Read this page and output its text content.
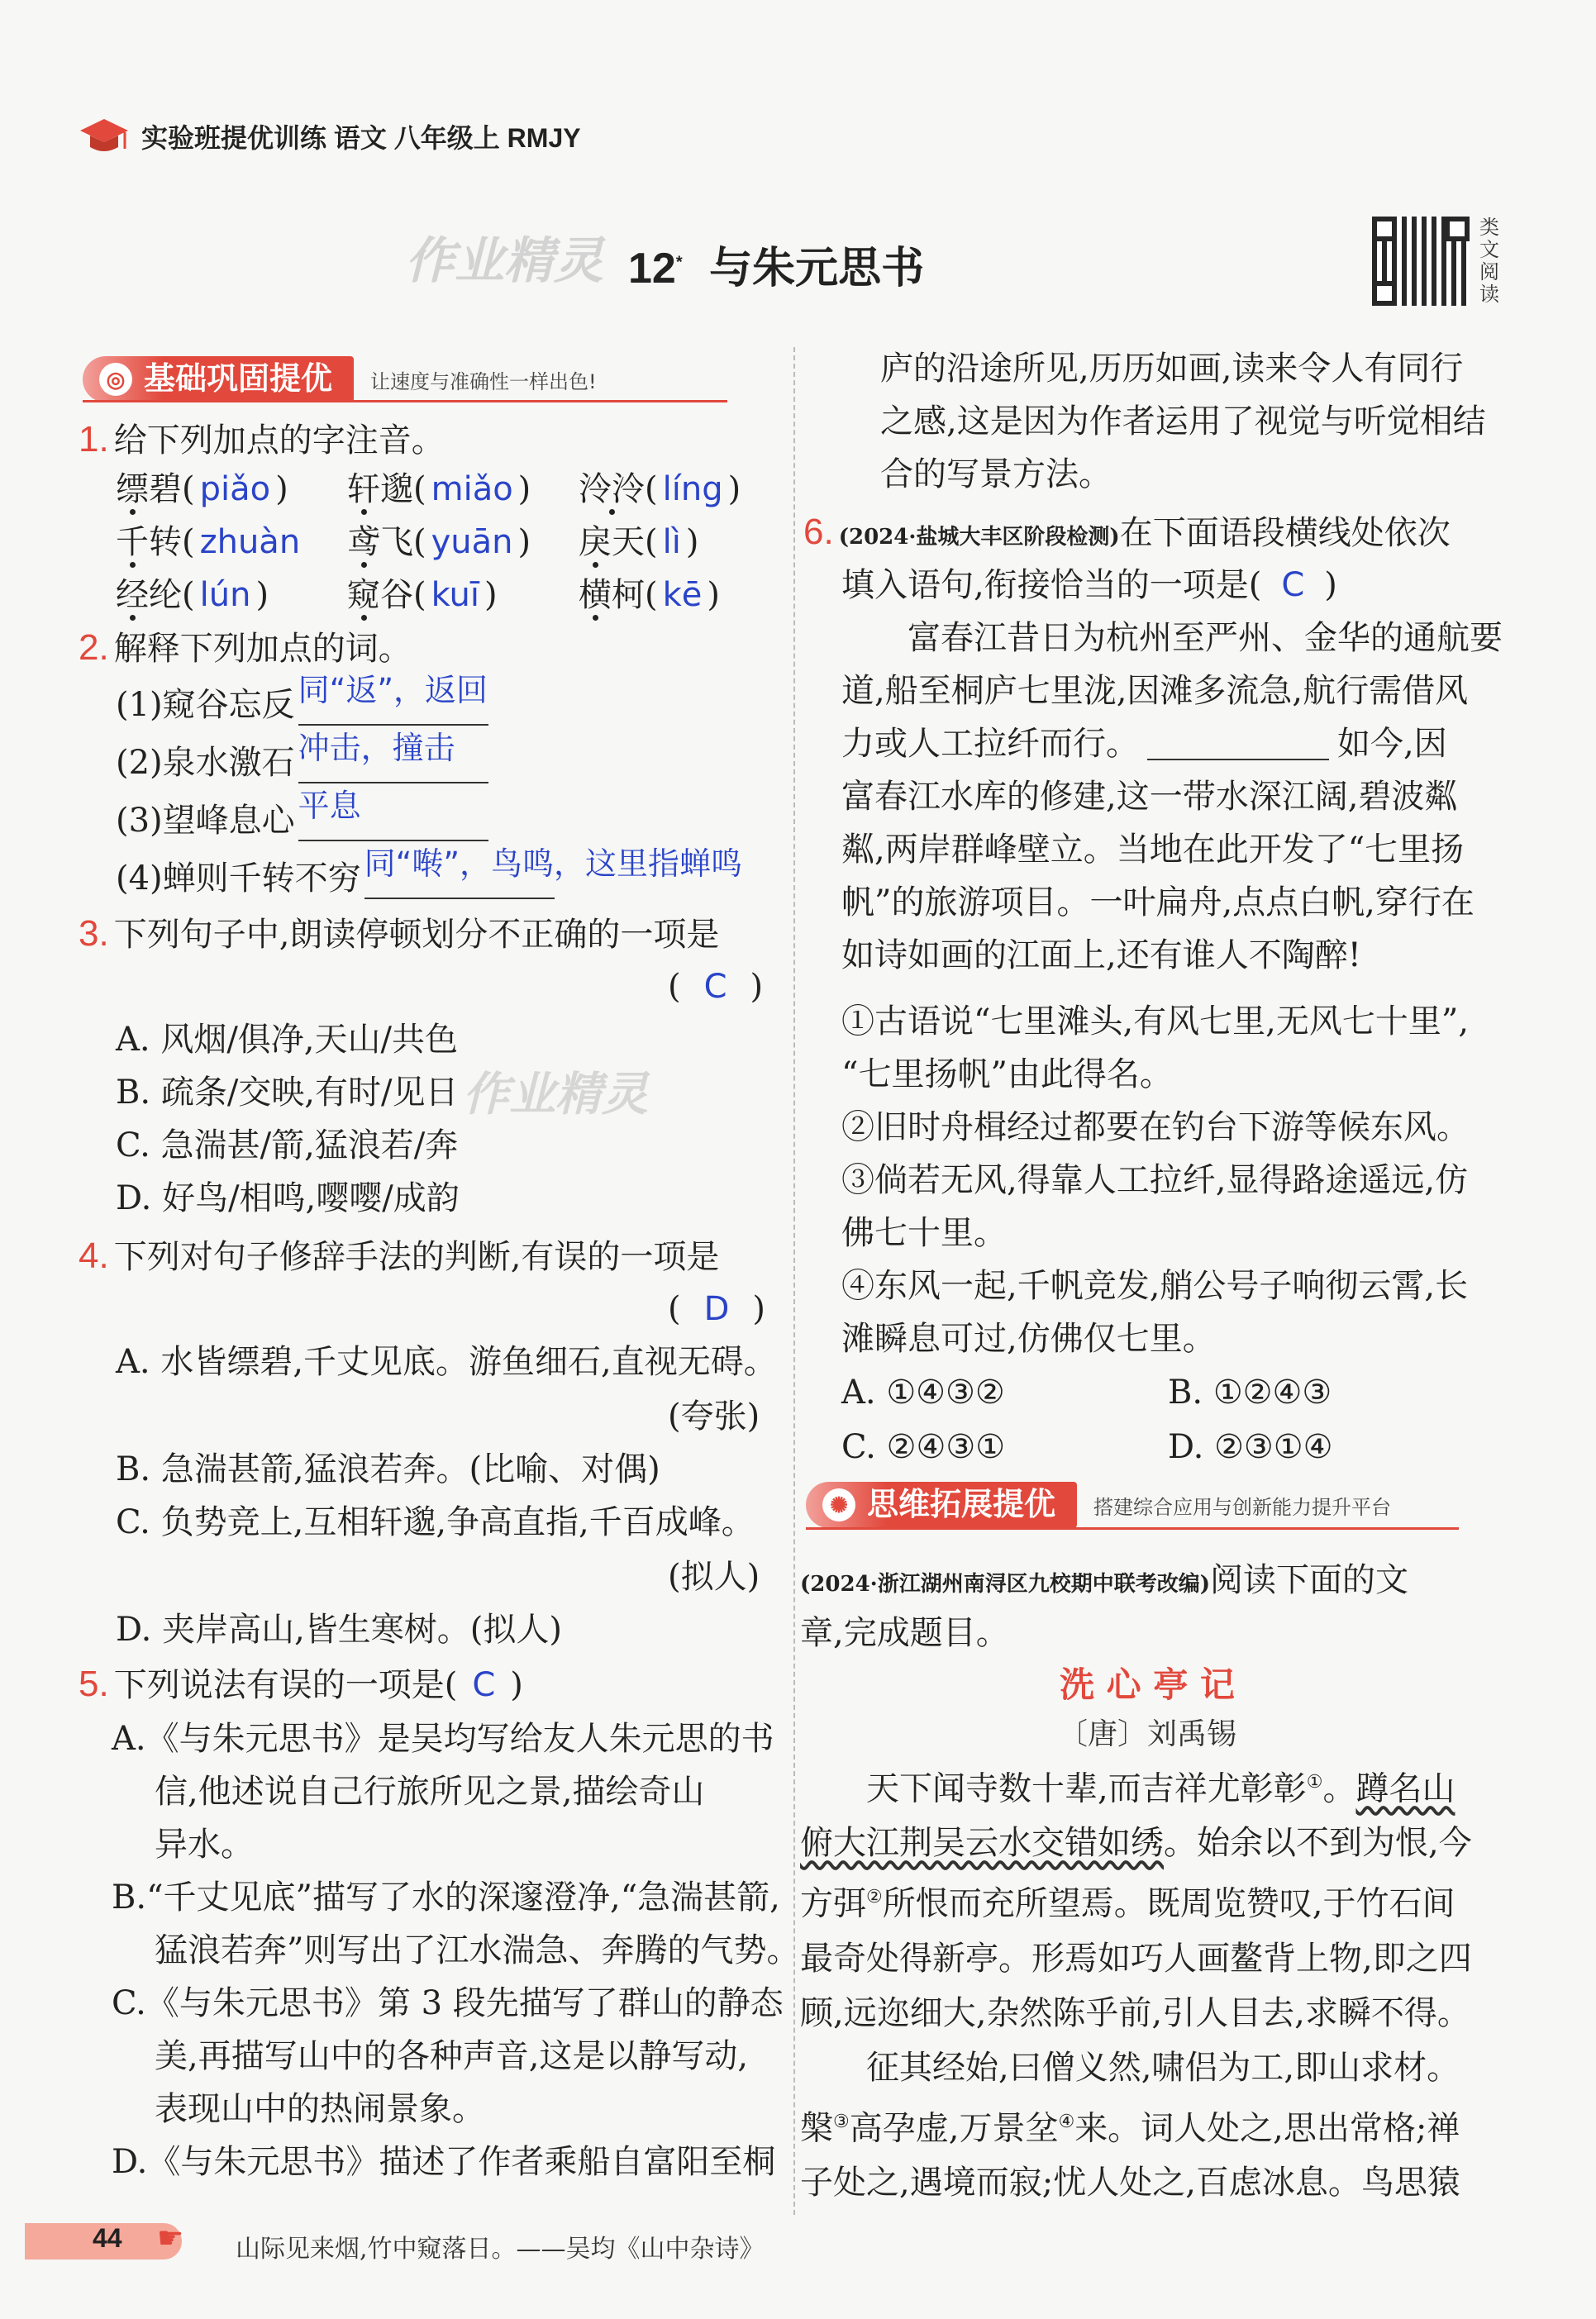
实验班提优训练 语文 八年级上 RMJY
作业精灵 12* 与朱元思书
类文阅读
◎ 基础巩固提优 让速度与准确性一样出色!
1. 给下列加点的字注音。
缥碧( piǎo )	轩邈( miǎo )	泠泠( líng )
千转( zhuàn	鸢飞( yuān )	戾天( lì )
经纶( lún )	窥谷( kuī )	横柯( kē )
2. 解释下列加点的词。
(1)窥谷忘反 同“返”，返回
(2)泉水激石 冲击，撞击
(3)望峰息心 平息
(4)蝉则千转不穷 同“啭”，鸟鸣，这里指蝉鸣
3. 下列句子中,朗读停顿划分不正确的一项是
( C )
A. 风烟/俱净,天山/共色
B. 疏条/交映,有时/见日
C. 急湍甚/箭,猛浪若/奔
D. 好鸟/相鸣,嘤嘤/成韵
作业精灵
4. 下列对句子修辞手法的判断,有误的一项是
( D )
A. 水皆缥碧,千丈见底。游鱼细石,直视无碍。
(夸张)
B. 急湍甚箭,猛浪若奔。(比喻、对偶)
C. 负势竞上,互相轩邈,争高直指,千百成峰。
(拟人)
D. 夹岸高山,皆生寒树。(拟人)
5. 下列说法有误的一项是( C )
A.《与朱元思书》是吴均写给友人朱元思的书
信,他述说自己行旅所见之景,描绘奇山
异水。
B.“千丈见底”描写了水的深邃澄净,“急湍甚箭,
猛浪若奔”则写出了江水湍急、奔腾的气势。
C.《与朱元思书》第 3 段先描写了群山的静态
美,再描写山中的各种声音,这是以静写动,
表现山中的热闹景象。
D.《与朱元思书》描述了作者乘船自富阳至桐
庐的沿途所见,历历如画,读来令人有同行
之感,这是因为作者运用了视觉与听觉相结
合的写景方法。
6. (2024·盐城大丰区阶段检测)在下面语段横线处依次
填入语句,衔接恰当的一项是( C )
富春江昔日为杭州至严州、金华的通航要
道,船至桐庐七里泷,因滩多流急,航行需借风
力或人工拉纤而行。	如今,因
富春江水库的修建,这一带水深江阔,碧波粼
粼,两岸群峰壁立。当地在此开发了“七里扬
帆”的旅游项目。一叶扁舟,点点白帆,穿行在
如诗如画的江面上,还有谁人不陶醉!
①古语说“七里滩头,有风七里,无风七十里”,
“七里扬帆”由此得名。
②旧时舟楫经过都要在钓台下游等候东风。
③倘若无风,得靠人工拉纤,显得路途遥远,仿
佛七十里。
④东风一起,千帆竞发,艄公号子响彻云霄,长
滩瞬息可过,仿佛仅七里。
A. ①④③②	B. ①②④③
C. ②④③①	D. ②③①④
✺ 思维拓展提优 搭建综合应用与创新能力提升平台
(2024·浙江湖州南浔区九校期中联考改编)阅读下面的文
章,完成题目。
洗 心 亭 记
〔唐〕刘禹锡
天下闻寺数十辈,而吉祥尤彰彰①。蹲名山
俯大江荆吴云水交错如绣。始余以不到为恨,今
方弭②所恨而充所望焉。既周览赞叹,于竹石间
最奇处得新亭。形焉如巧人画鳌背上物,即之四
顾,远迩细大,杂然陈乎前,引人目去,求瞬不得。
征其经始,曰僧义然,啸侣为工,即山求材。
槃③高孕虚,万景坌④来。词人处之,思出常格;禅
子处之,遇境而寂;忧人处之,百虑冰息。鸟思猿
44 ☛ 山际见来烟,竹中窥落日。——吴均《山中杂诗》
